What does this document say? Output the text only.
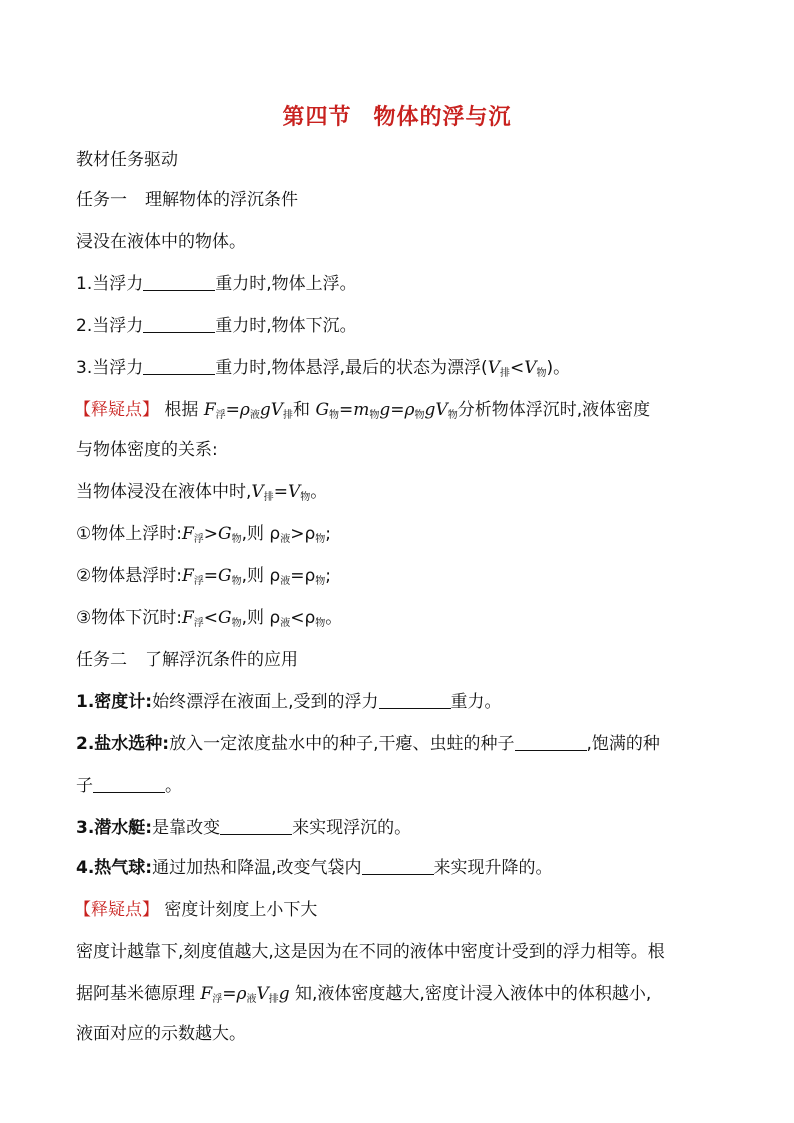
第四节 物体的浮与沉
教材任务驱动
任务一 理解物体的浮沉条件
浸没在液体中的物体。
1.当浮力	重力时,物体上浮。
2.当浮力	重力时,物体下沉。
3.当浮力	重力时,物体悬浮,最后的状态为漂浮$(V_排<V_物)$。
【释疑点】 根据 $F_浮=\rho_液gV_排$和 $G_物=m_物g=\rho_物gV_物$分析物体浮沉时,液体密度
与物体密度的关系:
当物体浸没在液体中时$,V_排=V_物$。
①物体上浮时$:F_浮>G_物$,则 $\rho_液>\rho_物$;
②物体悬浮时$:F_浮=G_物$,则 $\rho_液=\rho_物$;
③物体下沉时$:F_浮<G_物$,则 $\rho_液<\rho_物$。
任务二 了解浮沉条件的应用
1.密度计:始终漂浮在液面上,受到的浮力	重力。
2.盐水选种:放入一定浓度盐水中的种子,干瘪、虫蛀的种子	,饱满的种
子	。
3.潜水艇:是靠改变	来实现浮沉的。
4.热气球:通过加热和降温,改变气袋内	来实现升降的。
【释疑点】 密度计刻度上小下大
密度计越靠下,刻度值越大,这是因为在不同的液体中密度计受到的浮力相等。根
据阿基米德原理 $F_浮=\rho_液V_排g$ 知,液体密度越大,密度计浸入液体中的体积越小,
液面对应的示数越大。
